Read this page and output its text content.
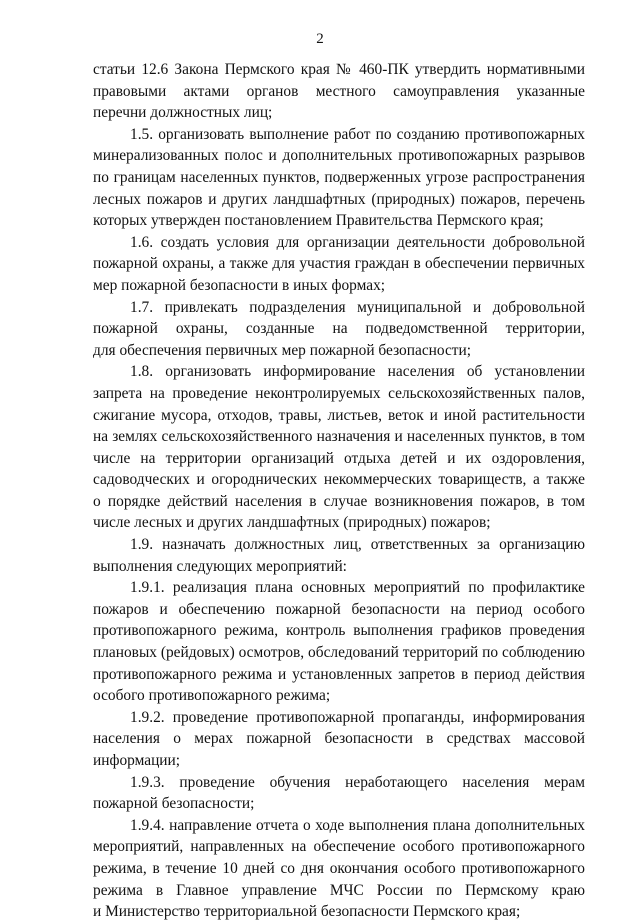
2
статьи 12.6 Закона Пермского края № 460-ПК утвердить нормативными
правовыми актами органов местного самоуправления указанные
перечни должностных лиц;
1.5. организовать выполнение работ по созданию противопожарных
минерализованных полос и дополнительных противопожарных разрывов
по границам населенных пунктов, подверженных угрозе распространения
лесных пожаров и других ландшафтных (природных) пожаров, перечень
которых утвержден постановлением Правительства Пермского края;
1.6. создать условия для организации деятельности добровольной
пожарной охраны, а также для участия граждан в обеспечении первичных
мер пожарной безопасности в иных формах;
1.7. привлекать подразделения муниципальной и добровольной
пожарной охраны, созданные на подведомственной территории,
для обеспечения первичных мер пожарной безопасности;
1.8. организовать информирование населения об установлении
запрета на проведение неконтролируемых сельскохозяйственных палов,
сжигание мусора, отходов, травы, листьев, веток и иной растительности
на землях сельскохозяйственного назначения и населенных пунктов, в том
числе на территории организаций отдыха детей и их оздоровления,
садоводческих и огороднических некоммерческих товариществ, а также
о порядке действий населения в случае возникновения пожаров, в том
числе лесных и других ландшафтных (природных) пожаров;
1.9. назначать должностных лиц, ответственных за организацию
выполнения следующих мероприятий:
1.9.1. реализация плана основных мероприятий по профилактике
пожаров и обеспечению пожарной безопасности на период особого
противопожарного режима, контроль выполнения графиков проведения
плановых (рейдовых) осмотров, обследований территорий по соблюдению
противопожарного режима и установленных запретов в период действия
особого противопожарного режима;
1.9.2. проведение противопожарной пропаганды, информирования
населения о мерах пожарной безопасности в средствах массовой
информации;
1.9.3. проведение обучения неработающего населения мерам
пожарной безопасности;
1.9.4. направление отчета о ходе выполнения плана дополнительных
мероприятий, направленных на обеспечение особого противопожарного
режима, в течение 10 дней со дня окончания особого противопожарного
режима в Главное управление МЧС России по Пермскому краю
и Министерство территориальной безопасности Пермского края;
